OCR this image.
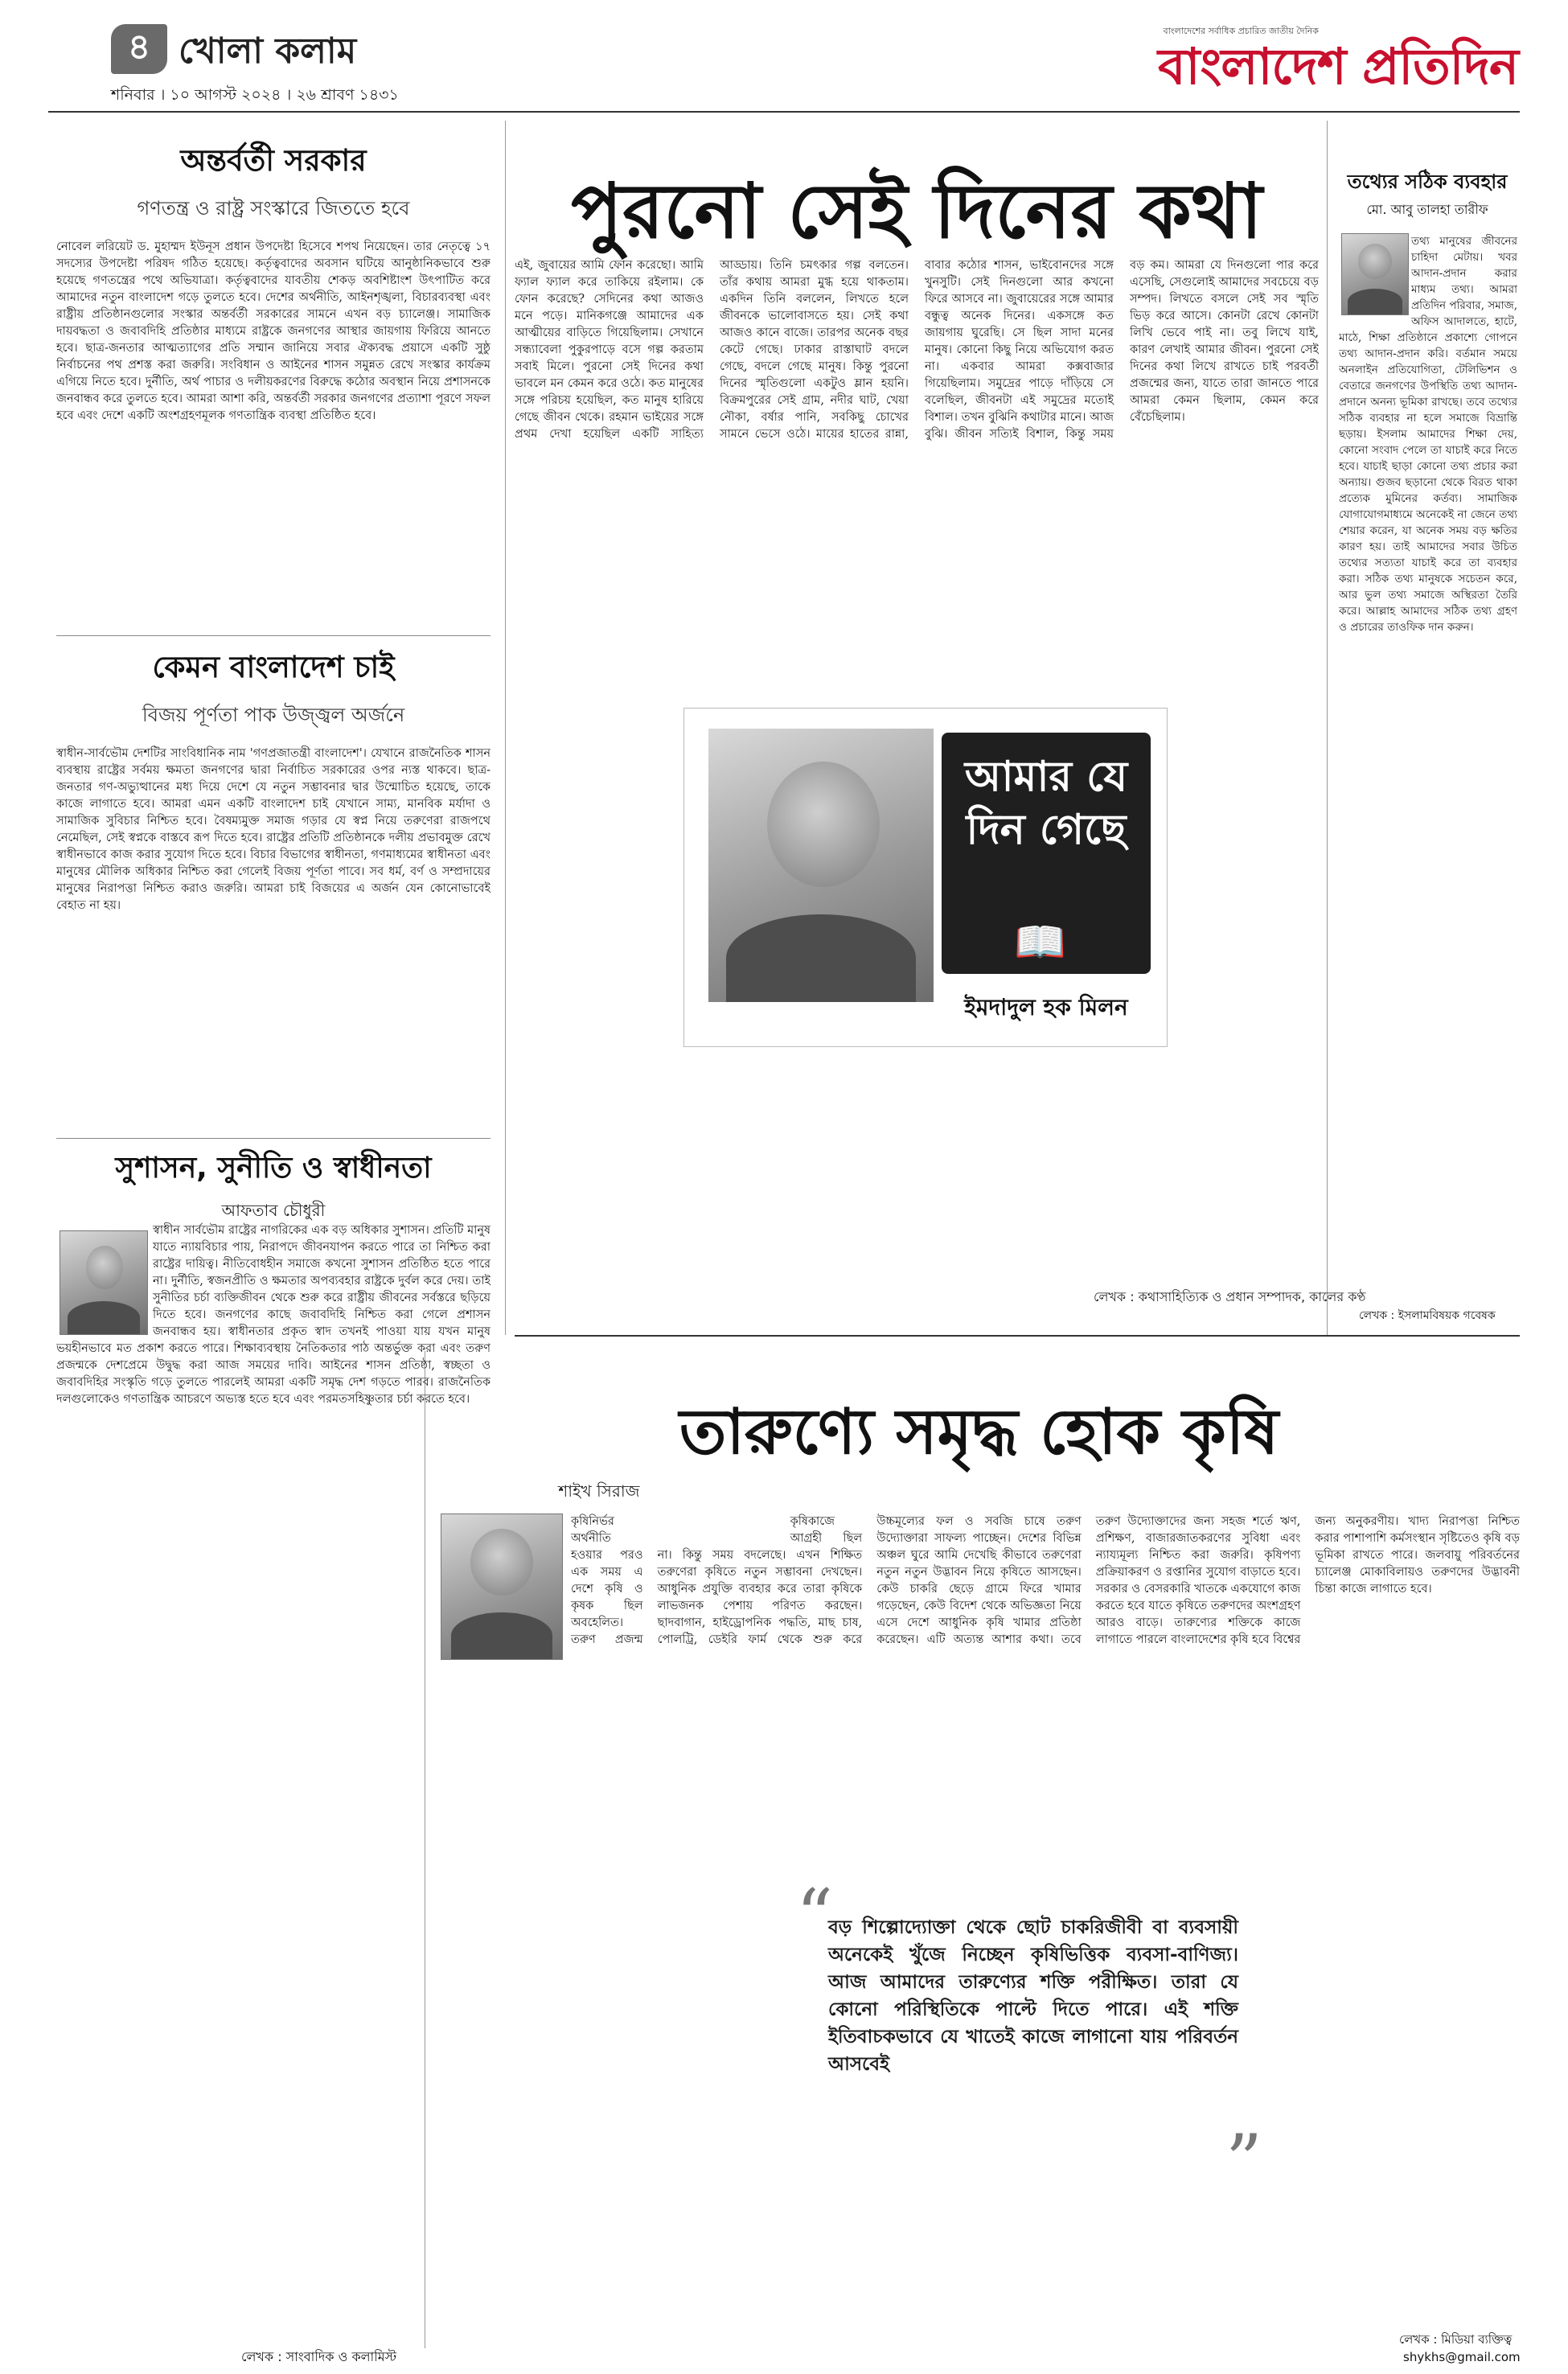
৪ খোলা কলাম
শনিবার । ১০ আগস্ট ২০২৪ । ২৬ শ্রাবণ ১৪৩১
বাংলাদেশের সর্বাধিক প্রচারিত জাতীয় দৈনিক
বাংলাদেশ প্রতিদিন
অন্তর্বর্তী সরকার
গণতন্ত্র ও রাষ্ট্র সংস্কারে জিততে হবে
নোবেল লরিয়েট ড. মুহাম্মদ ইউনূস প্রধান উপদেষ্টা হিসেবে শপথ নিয়েছেন। তার নেতৃত্বে ১৭ সদস্যের উপদেষ্টা পরিষদ গঠিত হয়েছে। কর্তৃত্ববাদের অবসান ঘটিয়ে আনুষ্ঠানিকভাবে শুরু হয়েছে গণতন্ত্রের পথে অভিযাত্রা। কর্তৃত্ববাদের যাবতীয় শেকড় অবশিষ্টাংশ উৎপাটিত করে আমাদের নতুন বাংলাদেশ গড়ে তুলতে হবে। দেশের অর্থনীতি, আইনশৃঙ্খলা, বিচারব্যবস্থা এবং রাষ্ট্রীয় প্রতিষ্ঠানগুলোর সংস্কার অন্তর্বর্তী সরকারের সামনে এখন বড় চ্যালেঞ্জ। সামাজিক দায়বদ্ধতা ও জবাবদিহি প্রতিষ্ঠার মাধ্যমে রাষ্ট্রকে জনগণের আস্থার জায়গায় ফিরিয়ে আনতে হবে। ছাত্র-জনতার আত্মত্যাগের প্রতি সম্মান জানিয়ে সবার ঐক্যবদ্ধ প্রয়াসে একটি সুষ্ঠু নির্বাচনের পথ প্রশস্ত করা জরুরি। সংবিধান ও আইনের শাসন সমুন্নত রেখে সংস্কার কার্যক্রম এগিয়ে নিতে হবে। দুর্নীতি, অর্থ পাচার ও দলীয়করণের বিরুদ্ধে কঠোর অবস্থান নিয়ে প্রশাসনকে জনবান্ধব করে তুলতে হবে। আমরা আশা করি, অন্তর্বর্তী সরকার জনগণের প্রত্যাশা পূরণে সফল হবে এবং দেশে একটি অংশগ্রহণমূলক গণতান্ত্রিক ব্যবস্থা প্রতিষ্ঠিত হবে।
কেমন বাংলাদেশ চাই
বিজয় পূর্ণতা পাক উজ্জ্বল অর্জনে
স্বাধীন-সার্বভৌম দেশটির সাংবিধানিক নাম 'গণপ্রজাতন্ত্রী বাংলাদেশ'। যেখানে রাজনৈতিক শাসন ব্যবস্থায় রাষ্ট্রের সর্বময় ক্ষমতা জনগণের দ্বারা নির্বাচিত সরকারের ওপর ন্যস্ত থাকবে। ছাত্র-জনতার গণ-অভ্যুত্থানের মধ্য দিয়ে দেশে যে নতুন সম্ভাবনার দ্বার উন্মোচিত হয়েছে, তাকে কাজে লাগাতে হবে। আমরা এমন একটি বাংলাদেশ চাই যেখানে সাম্য, মানবিক মর্যাদা ও সামাজিক সুবিচার নিশ্চিত হবে। বৈষম্যমুক্ত সমাজ গড়ার যে স্বপ্ন নিয়ে তরুণেরা রাজপথে নেমেছিল, সেই স্বপ্নকে বাস্তবে রূপ দিতে হবে। রাষ্ট্রের প্রতিটি প্রতিষ্ঠানকে দলীয় প্রভাবমুক্ত রেখে স্বাধীনভাবে কাজ করার সুযোগ দিতে হবে। বিচার বিভাগের স্বাধীনতা, গণমাধ্যমের স্বাধীনতা এবং মানুষের মৌলিক অধিকার নিশ্চিত করা গেলেই বিজয় পূর্ণতা পাবে। সব ধর্ম, বর্ণ ও সম্প্রদায়ের মানুষের নিরাপত্তা নিশ্চিত করাও জরুরি। আমরা চাই বিজয়ের এ অর্জন যেন কোনোভাবেই বেহাত না হয়।
সুশাসন, সুনীতি ও স্বাধীনতা
আফতাব চৌধুরী
স্বাধীন সার্বভৌম রাষ্ট্রের নাগরিকের এক বড় অধিকার সুশাসন। প্রতিটি মানুষ যাতে ন্যায়বিচার পায়, নিরাপদে জীবনযাপন করতে পারে তা নিশ্চিত করা রাষ্ট্রের দায়িত্ব। নীতিবোধহীন সমাজে কখনো সুশাসন প্রতিষ্ঠিত হতে পারে না। দুর্নীতি, স্বজনপ্রীতি ও ক্ষমতার অপব্যবহার রাষ্ট্রকে দুর্বল করে দেয়। তাই সুনীতির চর্চা ব্যক্তিজীবন থেকে শুরু করে রাষ্ট্রীয় জীবনের সর্বস্তরে ছড়িয়ে দিতে হবে। জনগণের কাছে জবাবদিহি নিশ্চিত করা গেলে প্রশাসন জনবান্ধব হয়। স্বাধীনতার প্রকৃত স্বাদ তখনই পাওয়া যায় যখন মানুষ ভয়হীনভাবে মত প্রকাশ করতে পারে। শিক্ষাব্যবস্থায় নৈতিকতার পাঠ অন্তর্ভুক্ত করা এবং তরুণ প্রজন্মকে দেশপ্রেমে উদ্বুদ্ধ করা আজ সময়ের দাবি। আইনের শাসন প্রতিষ্ঠা, স্বচ্ছতা ও জবাবদিহির সংস্কৃতি গড়ে তুলতে পারলেই আমরা একটি সমৃদ্ধ দেশ গড়তে পারব। রাজনৈতিক দলগুলোকেও গণতান্ত্রিক আচরণে অভ্যস্ত হতে হবে এবং পরমতসহিষ্ণুতার চর্চা করতে হবে।
লেখক : সাংবাদিক ও কলামিস্ট
পুরনো সেই দিনের কথা
এই, জুবায়ের আমি ফোন করেছো। আমি ফ্যাল ফ্যাল করে তাকিয়ে রইলাম। কে ফোন করেছে? সেদিনের কথা আজও মনে পড়ে। মানিকগঞ্জে আমাদের এক আত্মীয়ের বাড়িতে গিয়েছিলাম। সেখানে সন্ধ্যাবেলা পুকুরপাড়ে বসে গল্প করতাম সবাই মিলে। পুরনো সেই দিনের কথা ভাবলে মন কেমন করে ওঠে। কত মানুষের সঙ্গে পরিচয় হয়েছিল, কত মানুষ হারিয়ে গেছে জীবন থেকে। রহমান ভাইয়ের সঙ্গে প্রথম দেখা হয়েছিল একটি সাহিত্য আড্ডায়। তিনি চমৎকার গল্প বলতেন। তাঁর কথায় আমরা মুগ্ধ হয়ে থাকতাম। একদিন তিনি বললেন, লিখতে হলে জীবনকে ভালোবাসতে হয়। সেই কথা আজও কানে বাজে। তারপর অনেক বছর কেটে গেছে। ঢাকার রাস্তাঘাট বদলে গেছে, বদলে গেছে মানুষ। কিন্তু পুরনো দিনের স্মৃতিগুলো একটুও ম্লান হয়নি। বিক্রমপুরের সেই গ্রাম, নদীর ঘাট, খেয়া নৌকা, বর্ষার পানি, সবকিছু চোখের সামনে ভেসে ওঠে। মায়ের হাতের রান্না, বাবার কঠোর শাসন, ভাইবোনদের সঙ্গে খুনসুটি। সেই দিনগুলো আর কখনো ফিরে আসবে না। জুবায়েরের সঙ্গে আমার বন্ধুত্ব অনেক দিনের। একসঙ্গে কত জায়গায় ঘুরেছি। সে ছিল সাদা মনের মানুষ। কোনো কিছু নিয়ে অভিযোগ করত না। একবার আমরা কক্সবাজার গিয়েছিলাম। সমুদ্রের পাড়ে দাঁড়িয়ে সে বলেছিল, জীবনটা এই সমুদ্রের মতোই বিশাল। তখন বুঝিনি কথাটার মানে। আজ বুঝি। জীবন সত্যিই বিশাল, কিন্তু সময় বড় কম। আমরা যে দিনগুলো পার করে এসেছি, সেগুলোই আমাদের সবচেয়ে বড় সম্পদ। লিখতে বসলে সেই সব স্মৃতি ভিড় করে আসে। কোনটা রেখে কোনটা লিখি ভেবে পাই না। তবু লিখে যাই, কারণ লেখাই আমার জীবন। পুরনো সেই দিনের কথা লিখে রাখতে চাই পরবর্তী প্রজন্মের জন্য, যাতে তারা জানতে পারে আমরা কেমন ছিলাম, কেমন করে বেঁচেছিলাম।
আমার যে দিন গেছে
📖
ইমদাদুল হক মিলন
লেখক : কথাসাহিত্যিক ও প্রধান সম্পাদক, কালের কণ্ঠ
তথ্যের সঠিক ব্যবহার
মো. আবু তালহা তারীফ
তথ্য মানুষের জীবনের চাহিদা মেটায়। খবর আদান-প্রদান করার মাধ্যম তথ্য। আমরা প্রতিদিন পরিবার, সমাজ, অফিস আদালতে, হাটে, মাঠে, শিক্ষা প্রতিষ্ঠানে প্রকাশ্যে গোপনে তথ্য আদান-প্রদান করি। বর্তমান সময়ে অনলাইন প্রতিযোগিতা, টেলিভিশন ও বেতারে জনগণের উপস্থিতি তথ্য আদান-প্রদানে অনন্য ভূমিকা রাখছে। তবে তথ্যের সঠিক ব্যবহার না হলে সমাজে বিভ্রান্তি ছড়ায়। ইসলাম আমাদের শিক্ষা দেয়, কোনো সংবাদ পেলে তা যাচাই করে নিতে হবে। যাচাই ছাড়া কোনো তথ্য প্রচার করা অন্যায়। গুজব ছড়ানো থেকে বিরত থাকা প্রত্যেক মুমিনের কর্তব্য। সামাজিক যোগাযোগমাধ্যমে অনেকেই না জেনে তথ্য শেয়ার করেন, যা অনেক সময় বড় ক্ষতির কারণ হয়। তাই আমাদের সবার উচিত তথ্যের সত্যতা যাচাই করে তা ব্যবহার করা। সঠিক তথ্য মানুষকে সচেতন করে, আর ভুল তথ্য সমাজে অস্থিরতা তৈরি করে। আল্লাহ আমাদের সঠিক তথ্য গ্রহণ ও প্রচারের তাওফিক দান করুন।
লেখক : ইসলামবিষয়ক গবেষক
তারুণ্যে সমৃদ্ধ হোক কৃষি
শাইখ সিরাজ
কৃষিনির্ভর অর্থনীতি হওয়ার পরও এক সময় এ দেশে কৃষি ও কৃষক ছিল অবহেলিত। তরুণ প্রজন্ম কৃষিকাজে আগ্রহী ছিল না। কিন্তু সময় বদলেছে। এখন শিক্ষিত তরুণেরা কৃষিতে নতুন সম্ভাবনা দেখছেন। আধুনিক প্রযুক্তি ব্যবহার করে তারা কৃষিকে লাভজনক পেশায় পরিণত করছেন। ছাদবাগান, হাইড্রোপনিক পদ্ধতি, মাছ চাষ, পোলট্রি, ডেইরি ফার্ম থেকে শুরু করে উচ্চমূল্যের ফল ও সবজি চাষে তরুণ উদ্যোক্তারা সাফল্য পাচ্ছেন। দেশের বিভিন্ন অঞ্চল ঘুরে আমি দেখেছি কীভাবে তরুণেরা নতুন নতুন উদ্ভাবন নিয়ে কৃষিতে আসছেন। কেউ চাকরি ছেড়ে গ্রামে ফিরে খামার গড়েছেন, কেউ বিদেশ থেকে অভিজ্ঞতা নিয়ে এসে দেশে আধুনিক কৃষি খামার প্রতিষ্ঠা করেছেন। এটি অত্যন্ত আশার কথা। তবে তরুণ উদ্যোক্তাদের জন্য সহজ শর্তে ঋণ, প্রশিক্ষণ, বাজারজাতকরণের সুবিধা এবং ন্যায্যমূল্য নিশ্চিত করা জরুরি। কৃষিপণ্য প্রক্রিয়াকরণ ও রপ্তানির সুযোগ বাড়াতে হবে। সরকার ও বেসরকারি খাতকে একযোগে কাজ করতে হবে যাতে কৃষিতে তরুণদের অংশগ্রহণ আরও বাড়ে। তারুণ্যের শক্তিকে কাজে লাগাতে পারলে বাংলাদেশের কৃষি হবে বিশ্বের জন্য অনুকরণীয়। খাদ্য নিরাপত্তা নিশ্চিত করার পাশাপাশি কর্মসংস্থান সৃষ্টিতেও কৃষি বড় ভূমিকা রাখতে পারে। জলবায়ু পরিবর্তনের চ্যালেঞ্জ মোকাবিলায়ও তরুণদের উদ্ভাবনী চিন্তা কাজে লাগাতে হবে।
“
বড় শিল্পোদ্যোক্তা থেকে ছোট চাকরিজীবী বা ব্যবসায়ী অনেকেই খুঁজে নিচ্ছেন কৃষিভিত্তিক ব্যবসা-বাণিজ্য। আজ আমাদের তারুণ্যের শক্তি পরীক্ষিত। তারা যে কোনো পরিস্থিতিকে পাল্টে দিতে পারে। এই শক্তি ইতিবাচকভাবে যে খাতেই কাজে লাগানো যায় পরিবর্তন আসবেই
”
লেখক : মিডিয়া ব্যক্তিত্ব
shykhs@gmail.com
